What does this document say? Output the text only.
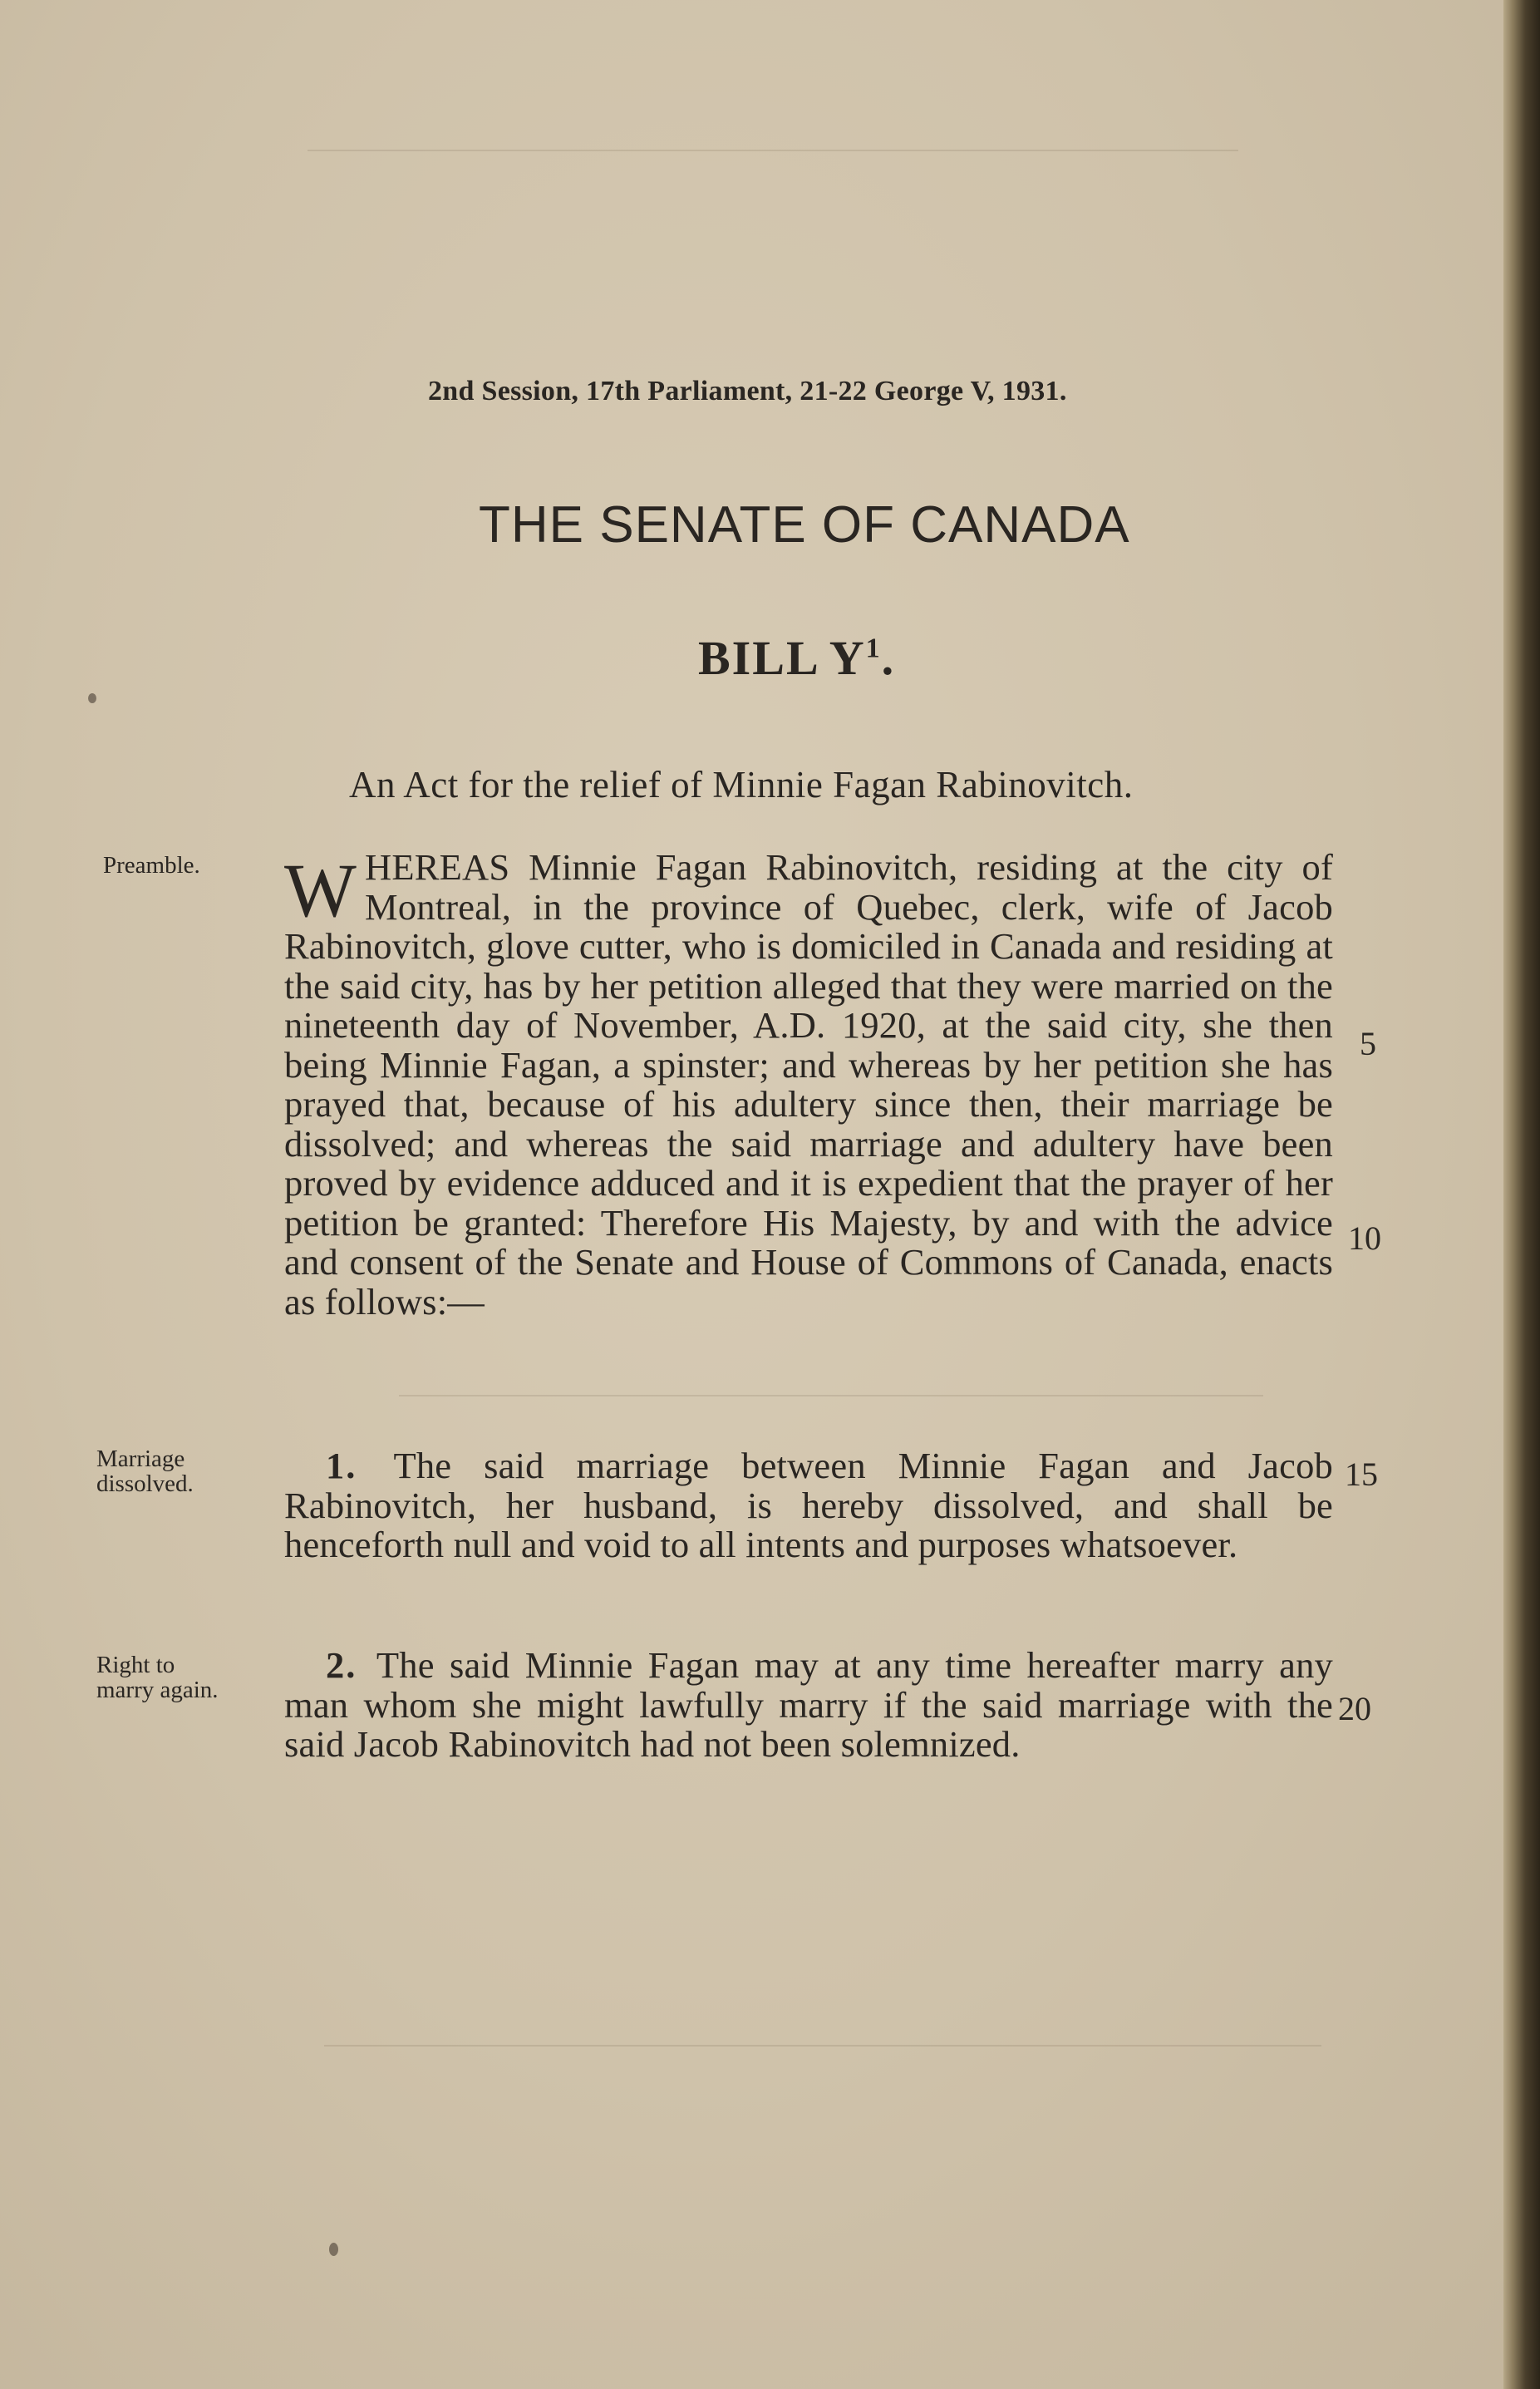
2nd Session, 17th Parliament, 21-22 George V, 1931.
THE SENATE OF CANADA
BILL $Y^1$.
An Act for the relief of Minnie Fagan Rabinovitch.
Preamble.
Marriage
dissolved.
Right to
marry again.
WHEREAS Minnie Fagan Rabinovitch, residing at the city of Montreal, in the province of Quebec, clerk, wife of Jacob Rabinovitch, glove cutter, who is domiciled in Canada and residing at the said city, has by her petition alleged that they were married on the nineteenth day of November, A.D. 1920, at the said city, she then being Minnie Fagan, a spinster; and whereas by her petition she has prayed that, because of his adultery since then, their marriage be dissolved; and whereas the said marriage and adultery have been proved by evidence adduced and it is expedient that the prayer of her petition be granted: Therefore His Majesty, by and with the advice and consent of the Senate and House of Commons of Canada, enacts as follows:—
1. The said marriage between Minnie Fagan and Jacob Rabinovitch, her husband, is hereby dissolved, and shall be henceforth null and void to all intents and purposes whatsoever.
2. The said Minnie Fagan may at any time hereafter marry any man whom she might lawfully marry if the said marriage with the said Jacob Rabinovitch had not been solemnized.
5
10
15
20
